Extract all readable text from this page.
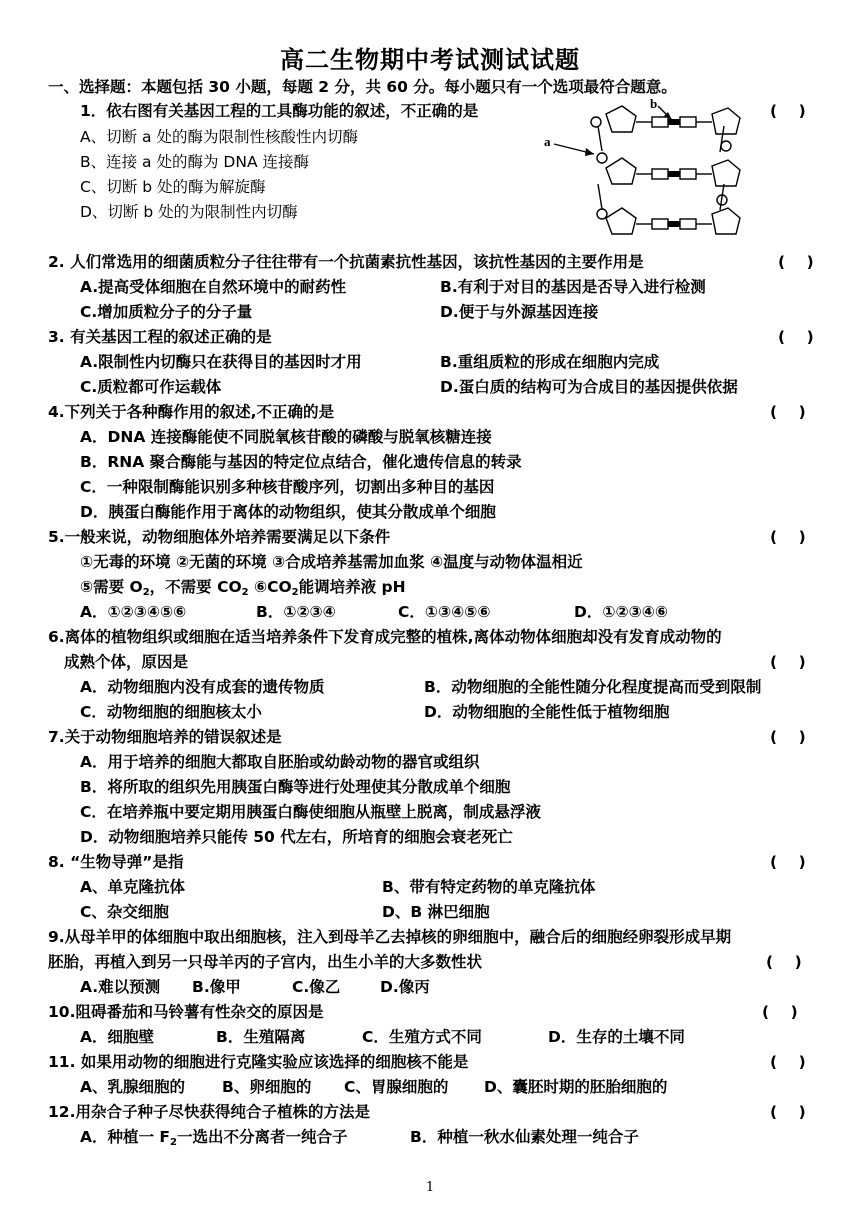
高二生物期中考试测试试题
一、选择题：本题包括 30 小题，每题 2 分，共 60 分。每小题只有一个选项最符合题意。
1．依右图有关基因工程的工具酶功能的叙述，不正确的是	(    )
A、切断 a 处的酶为限制性核酸性内切酶
B、连接 a 处的酶为 DNA 连接酶
C、切断 b 处的酶为解旋酶
D、切断 b 处的为限制性内切酶
a
b
2. 人们常选用的细菌质粒分子往往带有一个抗菌素抗性基因，该抗性基因的主要作用是	(    )
A.提高受体细胞在自然环境中的耐药性	B.有利于对目的基因是否导入进行检测
C.增加质粒分子的分子量	D.便于与外源基因连接
3. 有关基因工程的叙述正确的是	(    )
A.限制性内切酶只在获得目的基因时才用	B.重组质粒的形成在细胞内完成
C.质粒都可作运载体	D.蛋白质的结构可为合成目的基因提供依据
4.下列关于各种酶作用的叙述,不正确的是	(    )
A．DNA 连接酶能使不同脱氧核苷酸的磷酸与脱氧核糖连接
B．RNA 聚合酶能与基因的特定位点结合，催化遗传信息的转录
C．一种限制酶能识别多种核苷酸序列，切割出多种目的基因
D．胰蛋白酶能作用于离体的动物组织，使其分散成单个细胞
5.一般来说，动物细胞体外培养需要满足以下条件	(    )
①无毒的环境 ②无菌的环境 ③合成培养基需加血浆 ④温度与动物体温相近
⑤需要 $O_2$，不需要 $CO_2$ $⑥CO_2$能调培养液 pH
A．①②③④⑤⑥	B．①②③④	C．①③④⑤⑥	D．①②③④⑥
6.离体的植物组织或细胞在适当培养条件下发育成完整的植株,离体动物体细胞却没有发育成动物的
成熟个体，原因是	(    )
A．动物细胞内没有成套的遗传物质	B．动物细胞的全能性随分化程度提高而受到限制
C．动物细胞的细胞核太小	D．动物细胞的全能性低于植物细胞
7.关于动物细胞培养的错误叙述是	(    )
A．用于培养的细胞大都取自胚胎或幼龄动物的器官或组织
B．将所取的组织先用胰蛋白酶等进行处理使其分散成单个细胞
C．在培养瓶中要定期用胰蛋白酶使细胞从瓶壁上脱离，制成悬浮液
D．动物细胞培养只能传 50 代左右，所培育的细胞会衰老死亡
8. “生物导弹”是指	(    )
A、单克隆抗体	B、带有特定药物的单克隆抗体
C、杂交细胞	D、B 淋巴细胞
9.从母羊甲的体细胞中取出细胞核，注入到母羊乙去掉核的卵细胞中，融合后的细胞经卵裂形成早期
胚胎，再植入到另一只母羊丙的子宫内，出生小羊的大多数性状	(    )
A.难以预测 B.像甲	C.像乙	D.像丙
10.阻碍番茄和马铃薯有性杂交的原因是	(    )
A．细胞壁	B．生殖隔离	C．生殖方式不同	D．生存的土壤不同
11. 如果用动物的细胞进行克隆实验应该选择的细胞核不能是	(    )
A、乳腺细胞的 B、卵细胞的 C、胃腺细胞的 D、囊胚时期的胚胎细胞的
12.用杂合子种子尽快获得纯合子植株的方法是	(    )
A．种植一 $F_2$一选出不分离者一纯合子	B．种植一秋水仙素处理一纯合子
1
